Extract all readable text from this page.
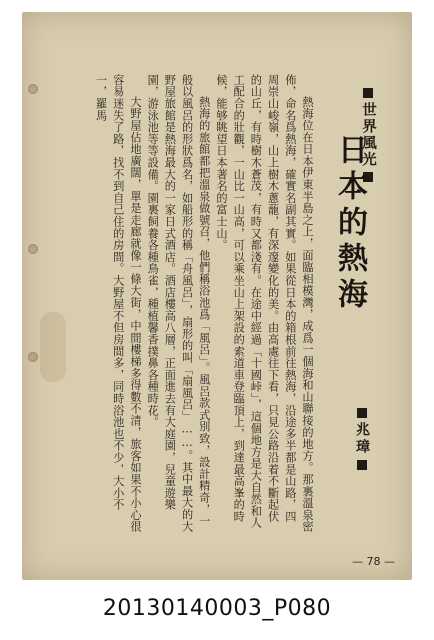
世界風光
日本的熱海
兆璋

熱海位在日本伊東半島之上，面臨相模灣，成爲一個海和山聯接的地方。那裏溫泉密佈，命名爲熱海，確實名副其實。如果從日本的箱根前往熱海，沿途多半都是山路，四周崇山峻嶺，山上樹木蔥蘢，有深邃變化的美。由高處往下看，只見公路沿着不斷起伏的山丘，有時樹木蒼茂，有時又都淺有。在途中經過「十國峠」，這個地方是大自然和人工配合的壯觀，一山比一山高，可以乘坐山上架設的索道車登臨頂上，到達最高峯的時候，能够眺望日本著名的富士山。

熱海的旅館都把溫泉做號召，他們稱浴池爲「風呂」。風呂款式別致，設計精奇，一般以風呂的形狀爲名，如船形的稱「舟風呂」，扇形的叫「扇風呂」……。其中最大的大野屋旅館是熱海最大的一家日式酒店。酒店樓高八層，正面進去有大庭園，兒童遊樂園，游泳池等等設備。園裏飼養各種鳥雀，種植馨香撲鼻各種時花。

大野屋佔地廣闊，單是走廊就像一條大街，中間樓梯多得數不清，旅客如果不小心很容易迷失了路，找不到自己住的房間。大野屋不但房間多，同時浴池也不少，大小不一，羅馬

— 78 —
20130140003_P080
